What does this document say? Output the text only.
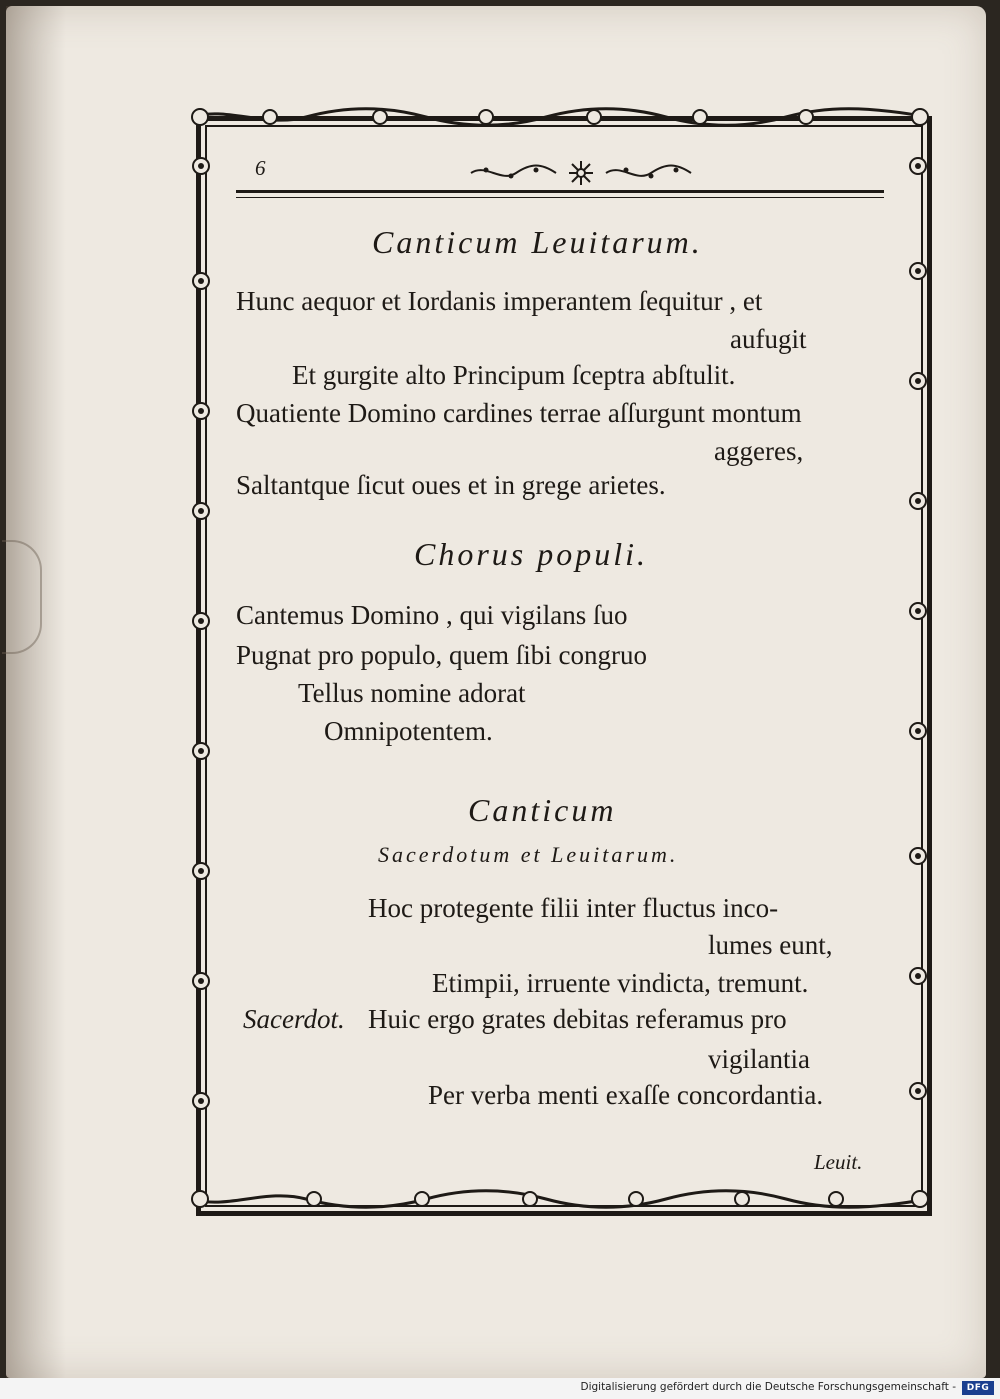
6
Canticum Leuitarum.
Hunc aequor et Iordanis imperantem ſequitur , et
aufugit
Et gurgite alto Principum ſceptra abſtulit.
Quatiente Domino cardines terrae aſſurgunt montum
aggeres,
Saltantque ſicut oues et in grege arietes.
Chorus populi.
Cantemus Domino , qui vigilans ſuo
Pugnat pro populo, quem ſibi congruo
Tellus nomine adorat
Omnipotentem.
Canticum
Sacerdotum et Leuitarum.
Hoc protegente filii inter fluctus inco-
lumes eunt,
Etimpii, irruente vindicta, tremunt.
Sacerdot. Huic ergo grates debitas referamus pro
vigilantia
Per verba menti exaſſe concordantia.
Leuit.
Digitalisierung gefördert durch die Deutsche Forschungsgemeinschaft -	DFG
